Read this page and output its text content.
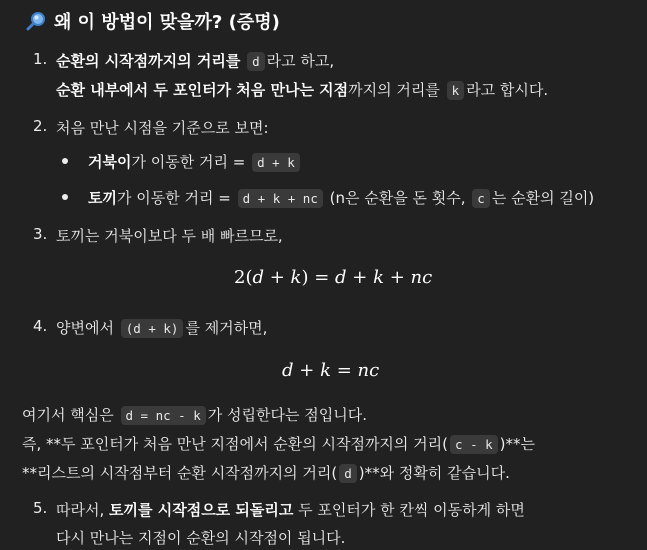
왜 이 방법이 맞을까? (증명)
1. 순환의 시작점까지의 거리를 d 라고 하고,
순환 내부에서 두 포인터가 처음 만나는 지점까지의 거리를 k 라고 합시다.
2. 처음 만난 시점을 기준으로 보면:
거북이가 이동한 거리 = d + k
토끼가 이동한 거리 = d + k + nc (n은 순환을 돈 횟수, c 는 순환의 길이)
3. 토끼는 거북이보다 두 배 빠르므로,
2(d + k) = d + k + nc
4. 양변에서 (d + k) 를 제거하면,
d + k = nc
여기서 핵심은 d = nc - k 가 성립한다는 점입니다.
즉, **두 포인터가 처음 만난 지점에서 순환의 시작점까지의 거리( c - k )**는
**리스트의 시작점부터 순환 시작점까지의 거리( d )**와 정확히 같습니다.
5. 따라서, 토끼를 시작점으로 되돌리고 두 포인터가 한 칸씩 이동하게 하면
다시 만나는 지점이 순환의 시작점이 됩니다.
